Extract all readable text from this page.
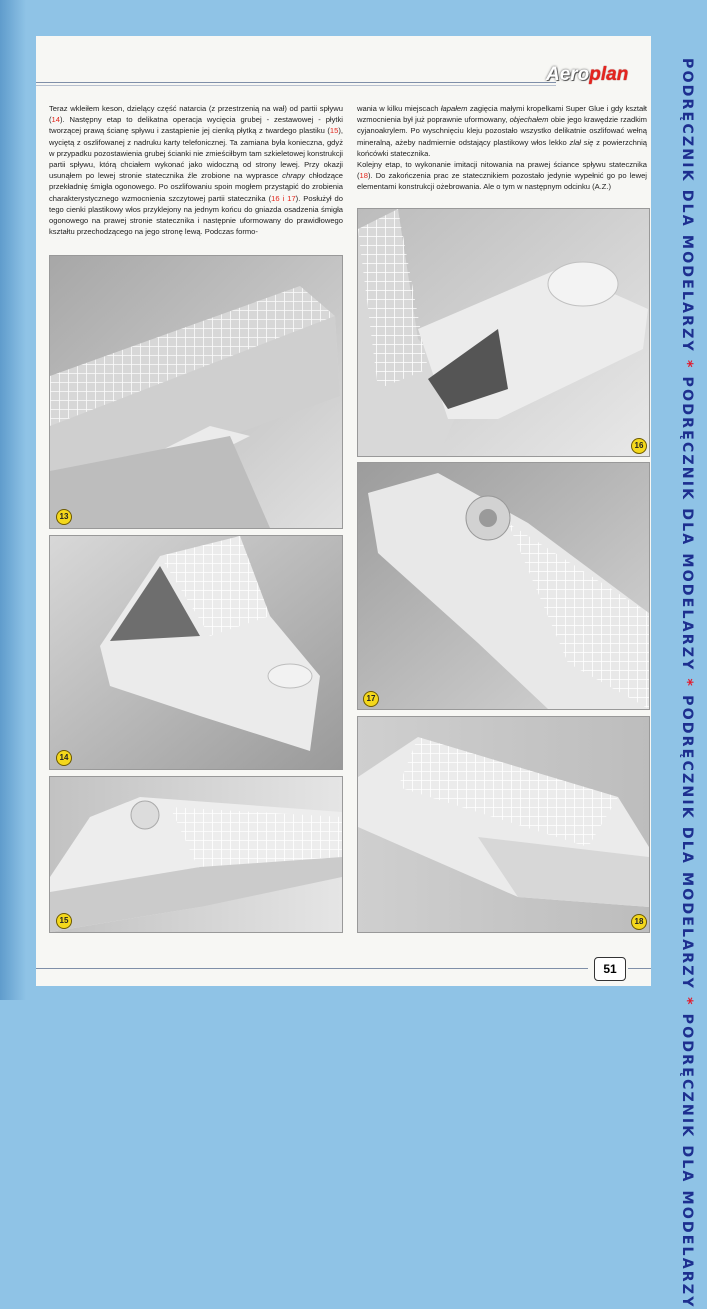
PODRĘCZNIK DLA MODELARZY * PODRĘCZNIK DLA MODELARZY * PODRĘCZNIK DLA MODELARZY * PODRĘCZNIK DLA MODELARZY
Aeroplan
Teraz wkleiłem keson, dzielący część natarcia (z przestrzenią na wał) od partii spływu (14). Następny etap to delikatna operacja wycięcia grubej - zestawowej - płytki tworzącej prawą ścianę spływu i zastąpienie jej cienką płytką z twardego plastiku (15), wyciętą z oszlifowanej z nadruku karty telefonicznej. Ta zamiana była konieczna, gdyż w przypadku pozostawienia grubej ścianki nie zmieściłbym tam szkieletowej konstrukcji partii spływu, którą chciałem wykonać jako widoczną od strony lewej. Przy okazji usunąłem po lewej stronie statecznika źle zrobione na wyprasce chrapy chłodzące przekładnię śmigła ogonowego. Po oszlifowaniu spoin mogłem przystąpić do zrobienia charakterystycznego wzmocnienia szczytowej partii statecznika (16 i 17). Posłużył do tego cienki plastikowy włos przyklejony na jednym końcu do gniazda osadzenia śmigła ogonowego na prawej stronie statecznika i następnie uformowany do prawidłowego kształtu przechodzącego na jego stronę lewą. Podczas formo-
wania w kilku miejscach łapałem zagięcia małymi kropelkami Super Glue i gdy kształt wzmocnienia był już poprawnie uformowany, objechałem obie jego krawędzie rzadkim cyjanoakrylem. Po wyschnięciu kleju pozostało wszystko delikatnie oszlifować wełną mineralną, ażeby nadmiernie odstający plastikowy włos lekko zlał się z powierzchnią końcówki statecznika.
Kolejny etap, to wykonanie imitacji nitowania na prawej ściance spływu statecznika (18). Do zakończenia prac ze statecznikiem pozostało jedynie wypełnić go po lewej elementami konstrukcji ożebrowania. Ale o tym w następnym odcinku (A.Z.)
13
14
15
16
17
18
51
